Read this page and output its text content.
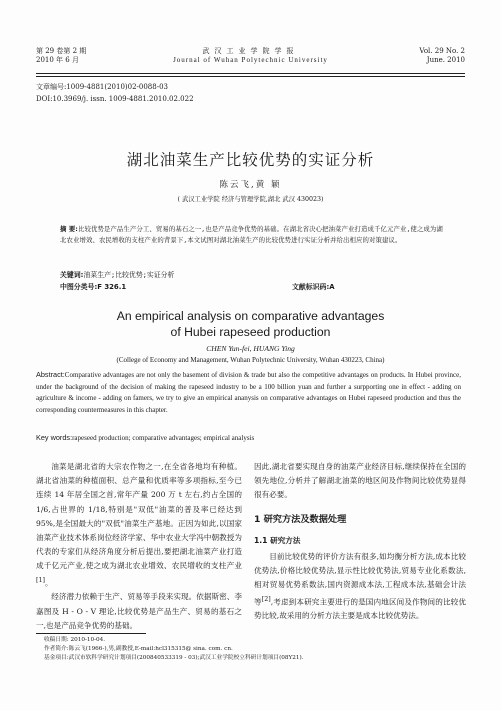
第 29 卷第 2 期
2010 年 6 月
武汉工业学院学报
Journal of Wuhan Polytechnic University
Vol. 29 No. 2
June. 2010
文章编号:1009-4881(2010)02-0088-03
DOI:10.3969/j. issn. 1009-4881.2010.02.022
湖北油菜生产比较优势的实证分析
陈云飞,黄 颖
( 武汉工业学院 经济与管理学院,湖北 武汉 430023)
摘 要:比较优势是产品生产分工、贸易的基石之一,也是产品竞争优势的基础。在湖北省决心把油菜产业打造成千亿元产业,使之成为湖北农业增效、农民增收的支柱产业的背景下,本文试图对湖北油菜生产的比较优势进行实证分析并给出相应的对策建议。
关键词:油菜生产;比较优势;实证分析
中图分类号:F 326.1	文献标识码:A
An empirical analysis on comparative advantages
of Hubei rapeseed production
CHEN Yun-fei, HUANG Ying
(College of Economy and Management, Wuhan Polytechnic University, Wuhan 430223, China)
Abstract:Comparative advantages are not only the basement of division & trade but also the competitive advantages on products. In Hubei province, under the background of the decision of making the rapeseed industry to be a 100 billion yuan and further a surpporting one in effect - adding on agriculture & income - adding on famers, we try to give an empirical ananysis on comparative advantages on Hubei rapeseed production and thus the corresponding countermeasures in this chapter.
Key words:rapeseed production; comparative advantages; empirical analysis

油菜是湖北省的大宗农作物之一,在全省各地均有种植。湖北省油菜的种植面积、总产量和优质率等多项指标,至今已连续 14 年居全国之首,常年产量 200 万 t 左右,约占全国的 1/6,占世界的 1/18,特别是"双低"油菜的普及率已经达到 95%,是全国最大的"双低"油菜生产基地。正因为如此,以国家油菜产业技术体系岗位经济学家、华中农业大学冯中朝教授为代表的专家们从经济角度分析后提出,要把湖北油菜产业打造成千亿元产业,使之成为湖北农业增效、农民增收的支柱产业[1]。

经济潜力依赖于生产、贸易等手段来实现。依据斯密、李嘉图及 H - O - V 理论,比较优势是产品生产、贸易的基石之一,也是产品竞争优势的基础。

因此,湖北省要实现自身的油菜产业经济目标,继续保持在全国的领先地位,分析并了解湖北油菜的地区间及作物间比较优势显得很有必要。

1 研究方法及数据处理
1.1 研究方法

目前比较优势的评价方法有很多,如均衡分析方法,成本比较优势法,价格比较优势法,显示性比较优势法,贸易专业化系数法,相对贸易优势系数法,国内资源成本法,工程成本法,基础会计法等[2],考虑到本研究主要进行的是国内地区间及作物间的比较优势比较,故采用的分析方法主要是成本比较优势法。

收稿日期: 2010-10-04.
作者简介:陈云飞(1966-),男,副教授,E-mail:hcl315315@ sina. com. cn.
基金项目:武汉市软科学研究计划项目(200840533319 - 03);武汉工业学院校立科研计划项目(08Y21).
